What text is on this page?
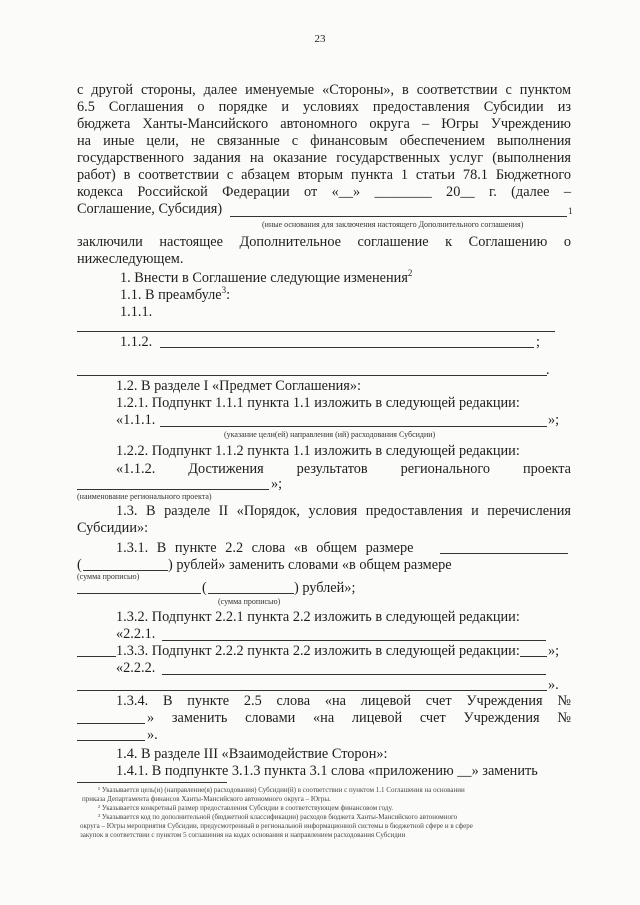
23
с другой стороны, далее именуемые «Стороны», в соответствии с пунктом
6.5 Соглашения о порядке и условиях предоставления Субсидии из
бюджета Ханты-Мансийского автономного округа – Югры Учреждению
на иные цели, не связанные с финансовым обеспечением выполнения
государственного задания на оказание государственных услуг (выполнения
работ) в соответствии с абзацем вторым пункта 1 статьи 78.1 Бюджетного
кодекса Российской Федерации от «__» ________ 20__ г. (далее –
Соглашение, Субсидия)	1
(иные основания для заключения настоящего Дополнительного соглашения)
заключили настоящее Дополнительное соглашение к Соглашению о
нижеследующем.
1. Внести в Соглашение следующие изменения$^2$
1.1. В преамбуле$^3$:
1.1.1.
1.1.2.	;
.
1.2. В разделе I «Предмет Соглашения»:
1.2.1. Подпункт 1.1.1 пункта 1.1 изложить в следующей редакции:
«1.1.1.	»;
(указание цели(ей) направления (ий) расходования Субсидии)
1.2.2. Подпункт 1.1.2 пункта 1.1 изложить в следующей редакции:
«1.1.2. Достижения результатов регионального проекта
»;
(наименование регионального проекта)
1.3. В разделе II «Порядок, условия предоставления и перечисления
Субсидии»:
1.3.1. В пункте 2.2 слова «в общем размере
(	) рублей» заменить словами «в общем размере
(сумма прописью)
(	) рублей»;
(сумма прописью)
1.3.2. Подпункт 2.2.1 пункта 2.2 изложить в следующей редакции:
«2.2.1.
»;
1.3.3. Подпункт 2.2.2 пункта 2.2 изложить в следующей редакции:
«2.2.2.
».
1.3.4. В пункте 2.5 слова «на лицевой счет Учреждения №
» заменить словами «на лицевой счет Учреждения №
».
1.4. В разделе III «Взаимодействие Сторон»:
1.4.1. В подпункте 3.1.3 пункта 3.1 слова «приложению __» заменить
¹ Указывается цель(и) (направление(я) расходования) Субсидии(й) в соответствии с пунктом 1.1 Соглашения на основании
приказа Департамента финансов Ханты-Мансийского автономного округа – Югры.
² Указывается конкретный размер предоставления Субсидии в соответствующем финансовом году.
³ Указывается код по дополнительной (бюджетной классификации) расходов бюджета Ханты-Мансийского автономного
округа – Югры мероприятия Субсидии, предусмотренный в региональной информационной системы в бюджетной сфере и в сфере
закупок в соответствии с пунктом 5 соглашения на кодах основания и направлением расходования Субсидии
